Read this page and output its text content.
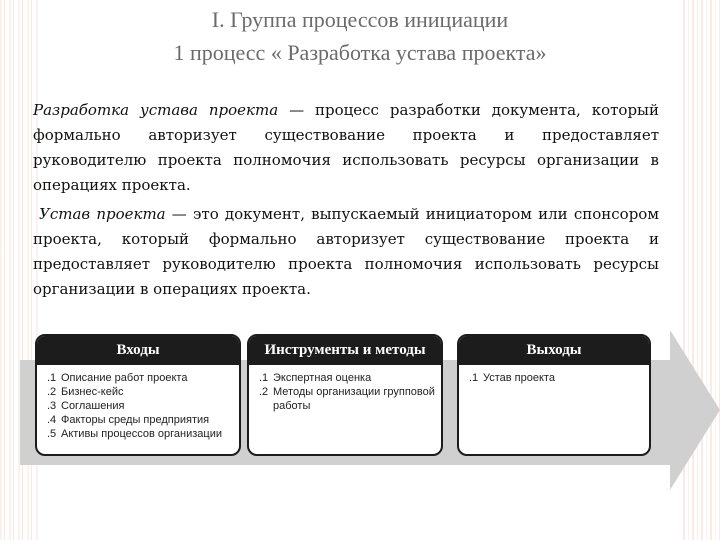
I. Группа процессов инициации
1 процесс « Разработка устава проекта»

Разработка устава проекта — процесс разработки документа, который формально авторизует существование проекта и предоставляет руководителю проекта полномочия использовать ресурсы организации в операциях проекта.

Устав проекта — это документ, выпускаемый инициатором или спонсором проекта, который формально авторизует существование проекта и предоставляет руководителю проекта полномочия использовать ресурсы организации в операциях проекта.

Входы
.1 Описание работ проекта
.2 Бизнес-кейс
.3 Соглашения
.4 Факторы среды предприятия
.5 Активы процессов организации
Инструменты и методы
.1 Экспертная оценка
.2 Методы организации групповой работы
Выходы
.1 Устав проекта
